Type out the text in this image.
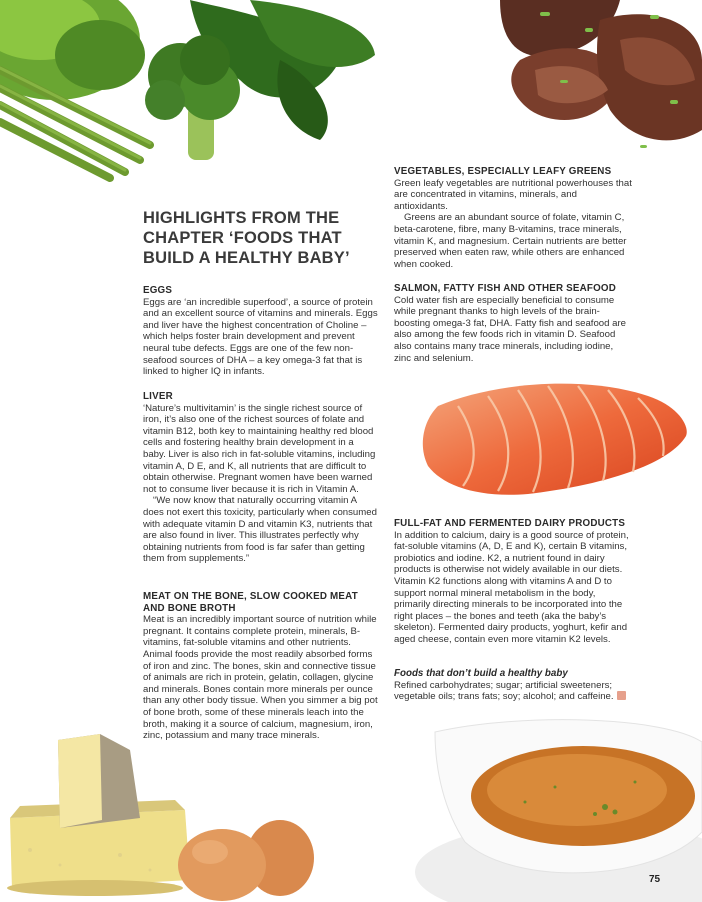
HIGHLIGHTS FROM THE CHAPTER ‘FOODS THAT BUILD A HEALTHY BABY’

EGGS

Eggs are ‘an incredible superfood’, a source of protein and an excellent source of vitamins and minerals. Eggs and liver have the highest concentration of Choline – which helps foster brain development and prevent neural tube defects. Eggs are one of the few non-seafood sources of DHA – a key omega-3 fat that is linked to higher IQ in infants.

LIVER

‘Nature’s multivitamin’ is the single richest source of iron, it’s also one of the richest sources of folate and vitamin B12, both key to maintaining healthy red blood cells and fostering healthy brain development in a baby. Liver is also rich in fat-soluble vitamins, including vitamin A, D E, and K, all nutrients that are difficult to obtain otherwise. Pregnant women have been warned not to consume liver because it is rich in Vitamin A.

“We now know that naturally occurring vitamin A does not exert this toxicity, particularly when consumed with adequate vitamin D and vitamin K3, nutrients that are also found in liver. This illustrates perfectly why obtaining nutrients from food is far safer than getting them from supplements.”

MEAT ON THE BONE, SLOW COOKED MEAT AND BONE BROTH

Meat is an incredibly important source of nutrition while pregnant. It contains complete protein, minerals, B-vitamins, fat-soluble vitamins and other nutrients. Animal foods provide the most readily absorbed forms of iron and zinc. The bones, skin and connective tissue of animals are rich in protein, gelatin, collagen, glycine and minerals. Bones contain more minerals per ounce than any other body tissue. When you simmer a big pot of bone broth, some of these minerals leach into the broth, making it a source of calcium, magnesium, iron, zinc, potassium and many trace minerals.

VEGETABLES, ESPECIALLY LEAFY GREENS

Green leafy vegetables are nutritional powerhouses that are concentrated in vitamins, minerals, and antioxidants.

Greens are an abundant source of folate, vitamin C, beta-carotene, fibre, many B-vitamins, trace minerals, vitamin K, and magnesium. Certain nutrients are better preserved when eaten raw, while others are enhanced when cooked.

SALMON, FATTY FISH AND OTHER SEAFOOD

Cold water fish are especially beneficial to consume while pregnant thanks to high levels of the brain-boosting omega-3 fat, DHA. Fatty fish and seafood are also among the few foods rich in vitamin D. Seafood also contains many trace minerals, including iodine, zinc and selenium.

FULL-FAT AND FERMENTED DAIRY PRODUCTS

In addition to calcium, dairy is a good source of protein, fat-soluble vitamins (A, D, E and K), certain B vitamins, probiotics and iodine. K2, a nutrient found in dairy products is otherwise not widely available in our diets. Vitamin K2 functions along with vitamins A and D to support normal mineral metabolism in the body, primarily directing minerals to be incorporated into the right places – the bones and teeth (aka the baby’s skeleton). Fermented dairy products, yoghurt, kefir and aged cheese, contain even more vitamin K2 levels.

Foods that don’t build a healthy baby

Refined carbohydrates; sugar; artificial sweeteners; vegetable oils; trans fats; soy; alcohol; and caffeine.

75
